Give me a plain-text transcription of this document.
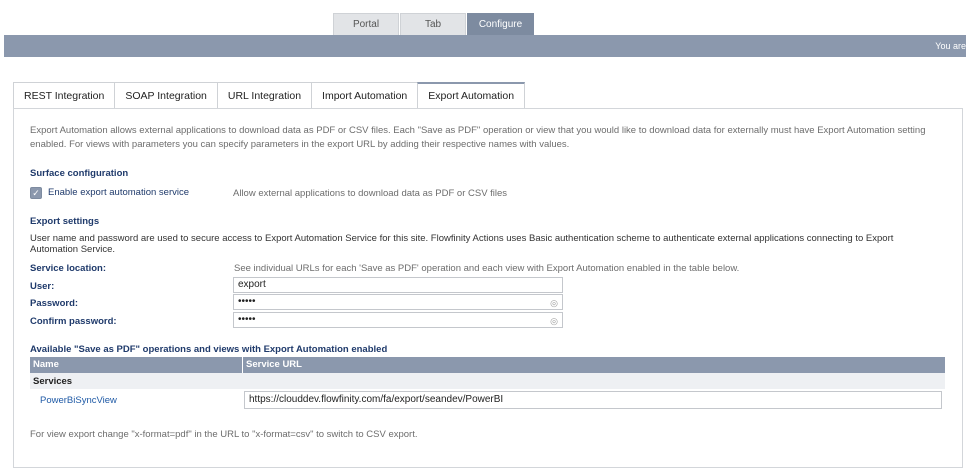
Portal	Tab	Configure
You are
REST Integration	SOAP Integration	URL Integration	Import Automation	Export Automation
Export Automation allows external applications to download data as PDF or CSV files. Each "Save as PDF" operation or view that you would like to download data for externally must have Export Automation setting enabled. For views with parameters you can specify parameters in the export URL by adding their respective names with values.
Surface configuration
✓ Enable export automation service	Allow external applications to download data as PDF or CSV files
Export settings
User name and password are used to secure access to Export Automation Service for this site. Flowfinity Actions uses Basic authentication scheme to authenticate external applications connecting to Export Automation Service.
Service location:	See individual URLs for each 'Save as PDF' operation and each view with Export Automation enabled in the table below.
User:	export
Password:	•••••	◎
Confirm password:	•••••	◎
Available "Save as PDF" operations and views with Export Automation enabled
Name	Service URL
Services
PowerBiSyncView	https://clouddev.flowfinity.com/fa/export/seandev/PowerBI
For view export change "x-format=pdf" in the URL to "x-format=csv" to switch to CSV export.
